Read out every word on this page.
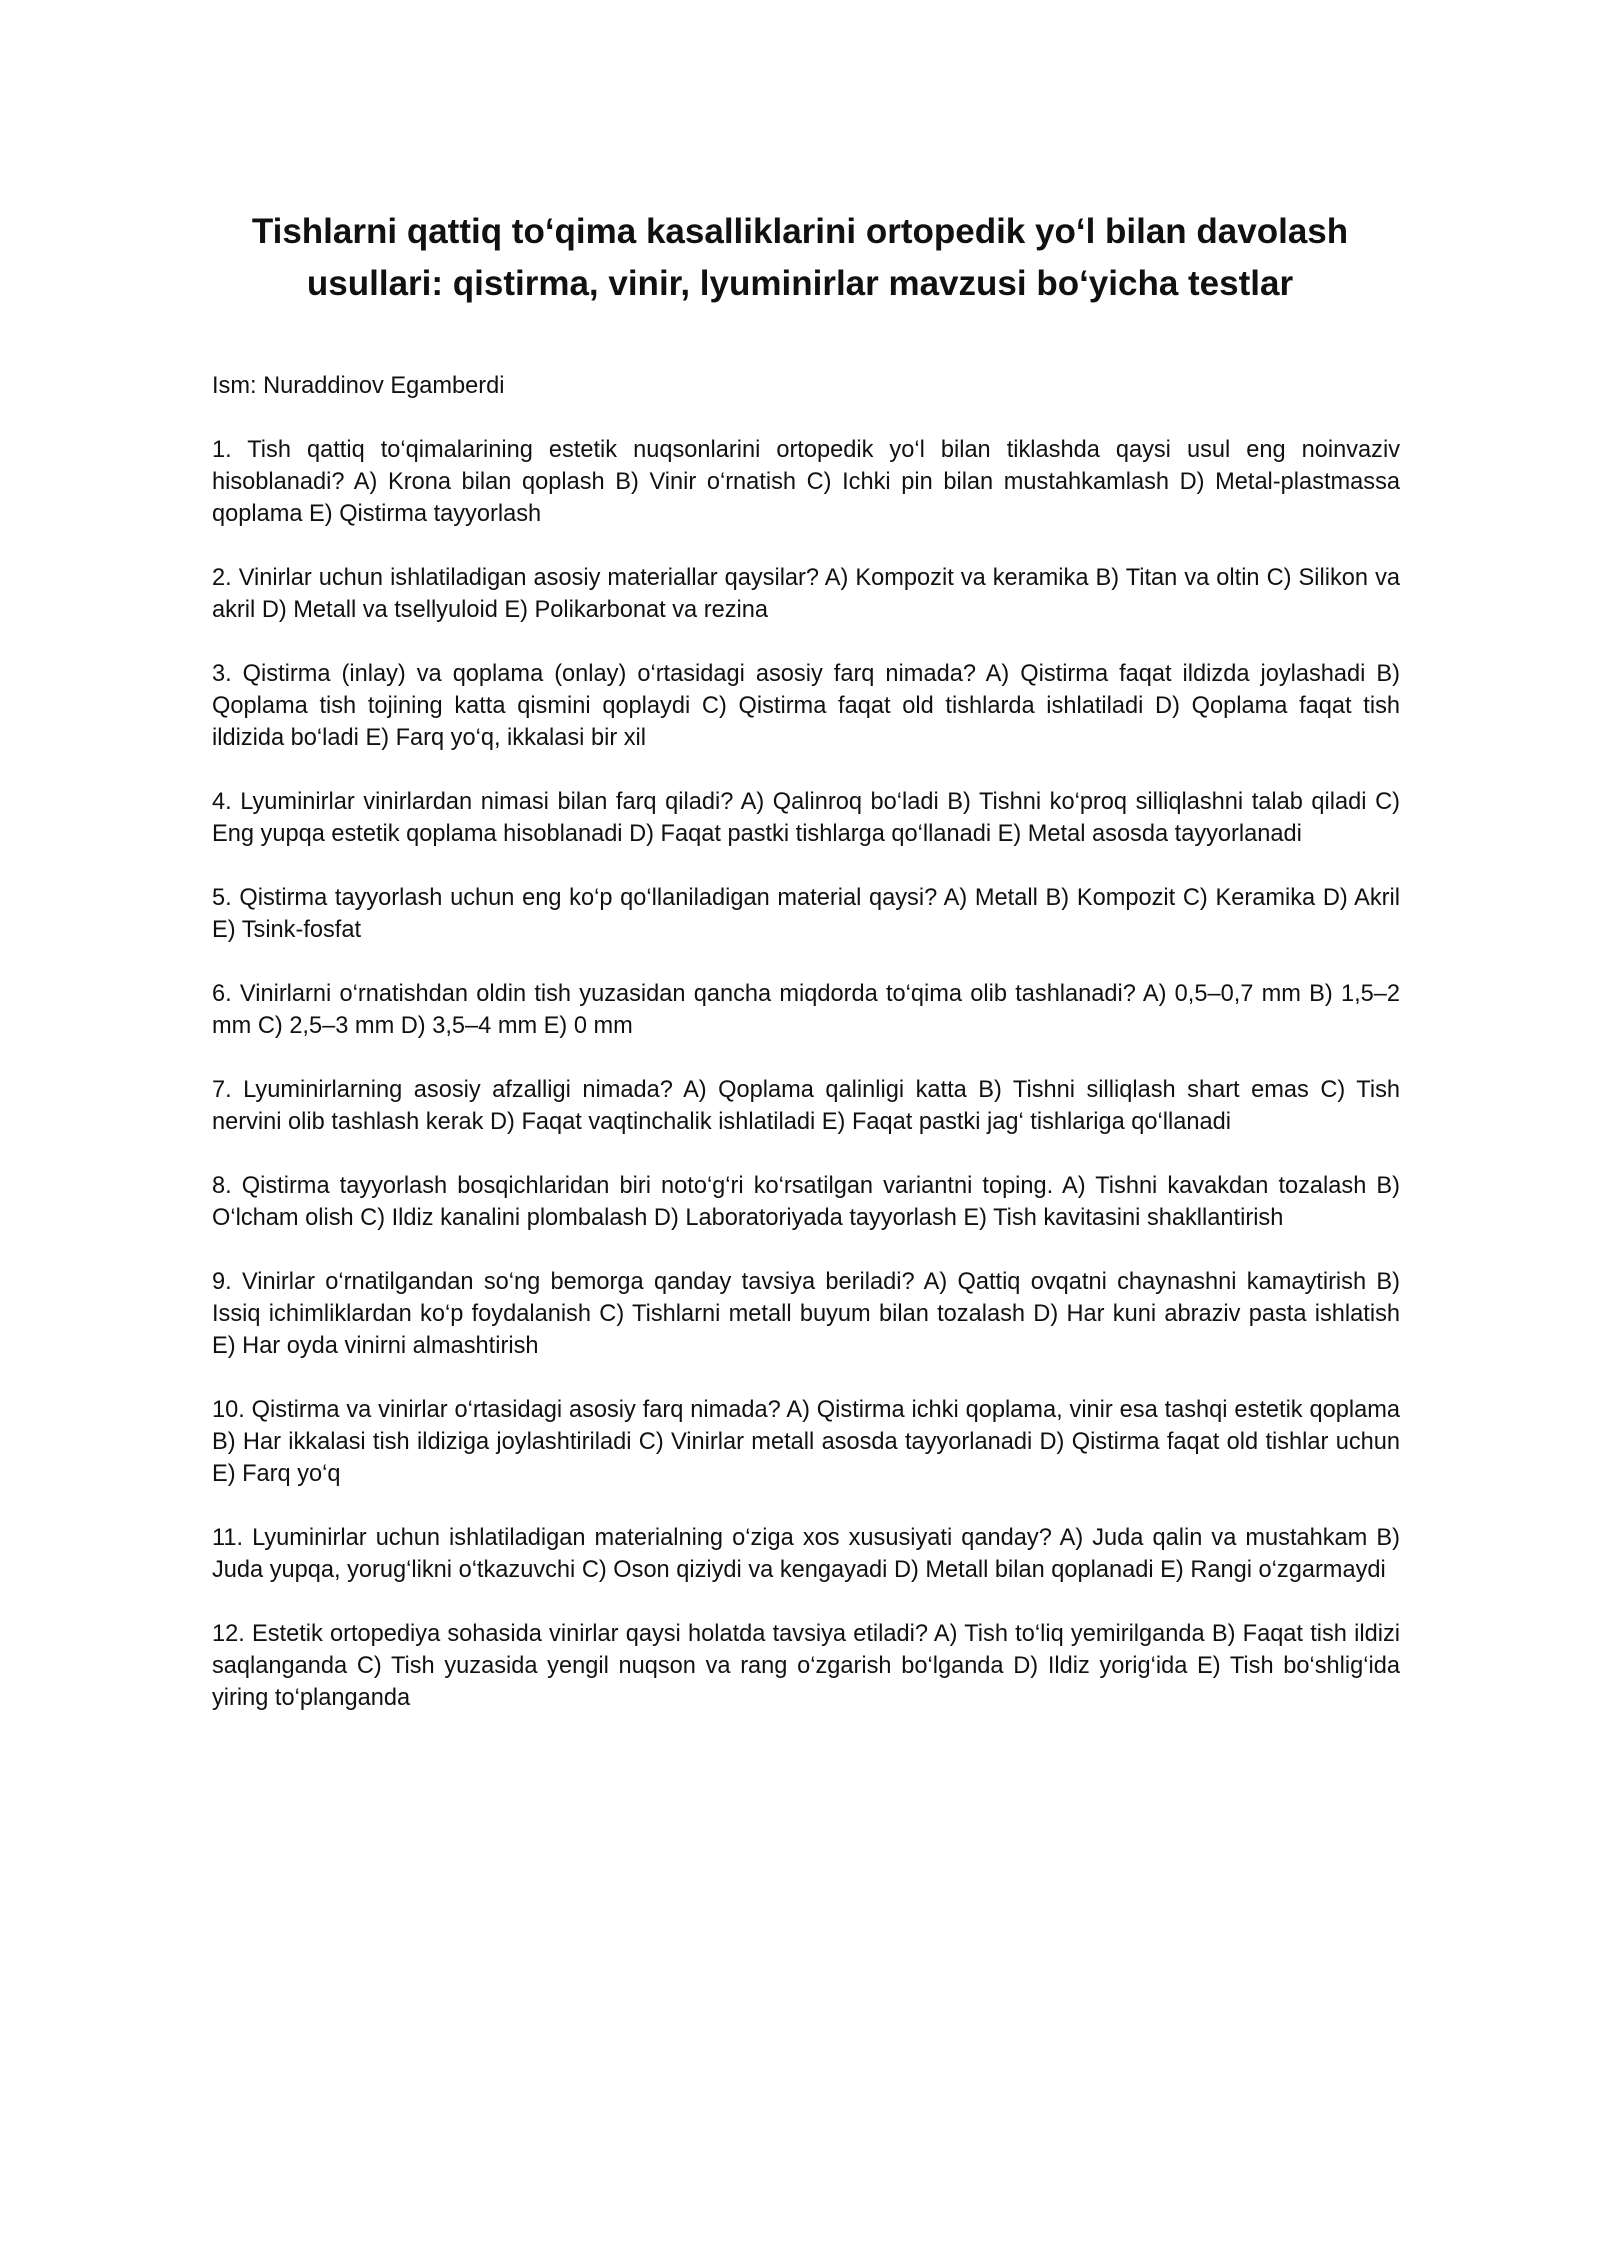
Tishlarni qattiq to‘qima kasalliklarini ortopedik yo‘l bilan davolash usullari: qistirma, vinir, lyuminirlar mavzusi bo‘yicha testlar

Ism: Nuraddinov Egamberdi

1. Tish qattiq to‘qimalarining estetik nuqsonlarini ortopedik yo‘l bilan tiklashda qaysi usul eng noinvaziv hisoblanadi? A) Krona bilan qoplash B) Vinir o‘rnatish C) Ichki pin bilan mustahkamlash D) Metal-plastmassa qoplama E) Qistirma tayyorlash

2. Vinirlar uchun ishlatiladigan asosiy materiallar qaysilar? A) Kompozit va keramika B) Titan va oltin C) Silikon va akril D) Metall va tsellyuloid E) Polikarbonat va rezina

3. Qistirma (inlay) va qoplama (onlay) o‘rtasidagi asosiy farq nimada? A) Qistirma faqat ildizda joylashadi B) Qoplama tish tojining katta qismini qoplaydi C) Qistirma faqat old tishlarda ishlatiladi D) Qoplama faqat tish ildizida bo‘ladi E) Farq yo‘q, ikkalasi bir xil

4. Lyuminirlar vinirlardan nimasi bilan farq qiladi? A) Qalinroq bo‘ladi B) Tishni ko‘proq silliqlashni talab qiladi C) Eng yupqa estetik qoplama hisoblanadi D) Faqat pastki tishlarga qo‘llanadi E) Metal asosda tayyorlanadi

5. Qistirma tayyorlash uchun eng ko‘p qo‘llaniladigan material qaysi? A) Metall B) Kompozit C) Keramika D) Akril E) Tsink-fosfat

6. Vinirlarni o‘rnatishdan oldin tish yuzasidan qancha miqdorda to‘qima olib tashlanadi? A) 0,5–0,7 mm B) 1,5–2 mm C) 2,5–3 mm D) 3,5–4 mm E) 0 mm

7. Lyuminirlarning asosiy afzalligi nimada? A) Qoplama qalinligi katta B) Tishni silliqlash shart emas C) Tish nervini olib tashlash kerak D) Faqat vaqtinchalik ishlatiladi E) Faqat pastki jag‘ tishlariga qo‘llanadi

8. Qistirma tayyorlash bosqichlaridan biri noto‘g‘ri ko‘rsatilgan variantni toping. A) Tishni kavakdan tozalash B) O‘lcham olish C) Ildiz kanalini plombalash D) Laboratoriyada tayyorlash E) Tish kavitasini shakllantirish

9. Vinirlar o‘rnatilgandan so‘ng bemorga qanday tavsiya beriladi? A) Qattiq ovqatni chaynashni kamaytirish B) Issiq ichimliklardan ko‘p foydalanish C) Tishlarni metall buyum bilan tozalash D) Har kuni abraziv pasta ishlatish E) Har oyda vinirni almashtirish

10. Qistirma va vinirlar o‘rtasidagi asosiy farq nimada? A) Qistirma ichki qoplama, vinir esa tashqi estetik qoplama B) Har ikkalasi tish ildiziga joylashtiriladi C) Vinirlar metall asosda tayyorlanadi D) Qistirma faqat old tishlar uchun E) Farq yo‘q

11. Lyuminirlar uchun ishlatiladigan materialning o‘ziga xos xususiyati qanday? A) Juda qalin va mustahkam B) Juda yupqa, yorug‘likni o‘tkazuvchi C) Oson qiziydi va kengayadi D) Metall bilan qoplanadi E) Rangi o‘zgarmaydi

12. Estetik ortopediya sohasida vinirlar qaysi holatda tavsiya etiladi? A) Tish to‘liq yemirilganda B) Faqat tish ildizi saqlanganda C) Tish yuzasida yengil nuqson va rang o‘zgarish bo‘lganda D) Ildiz yorig‘ida E) Tish bo‘shlig‘ida yiring to‘planganda
